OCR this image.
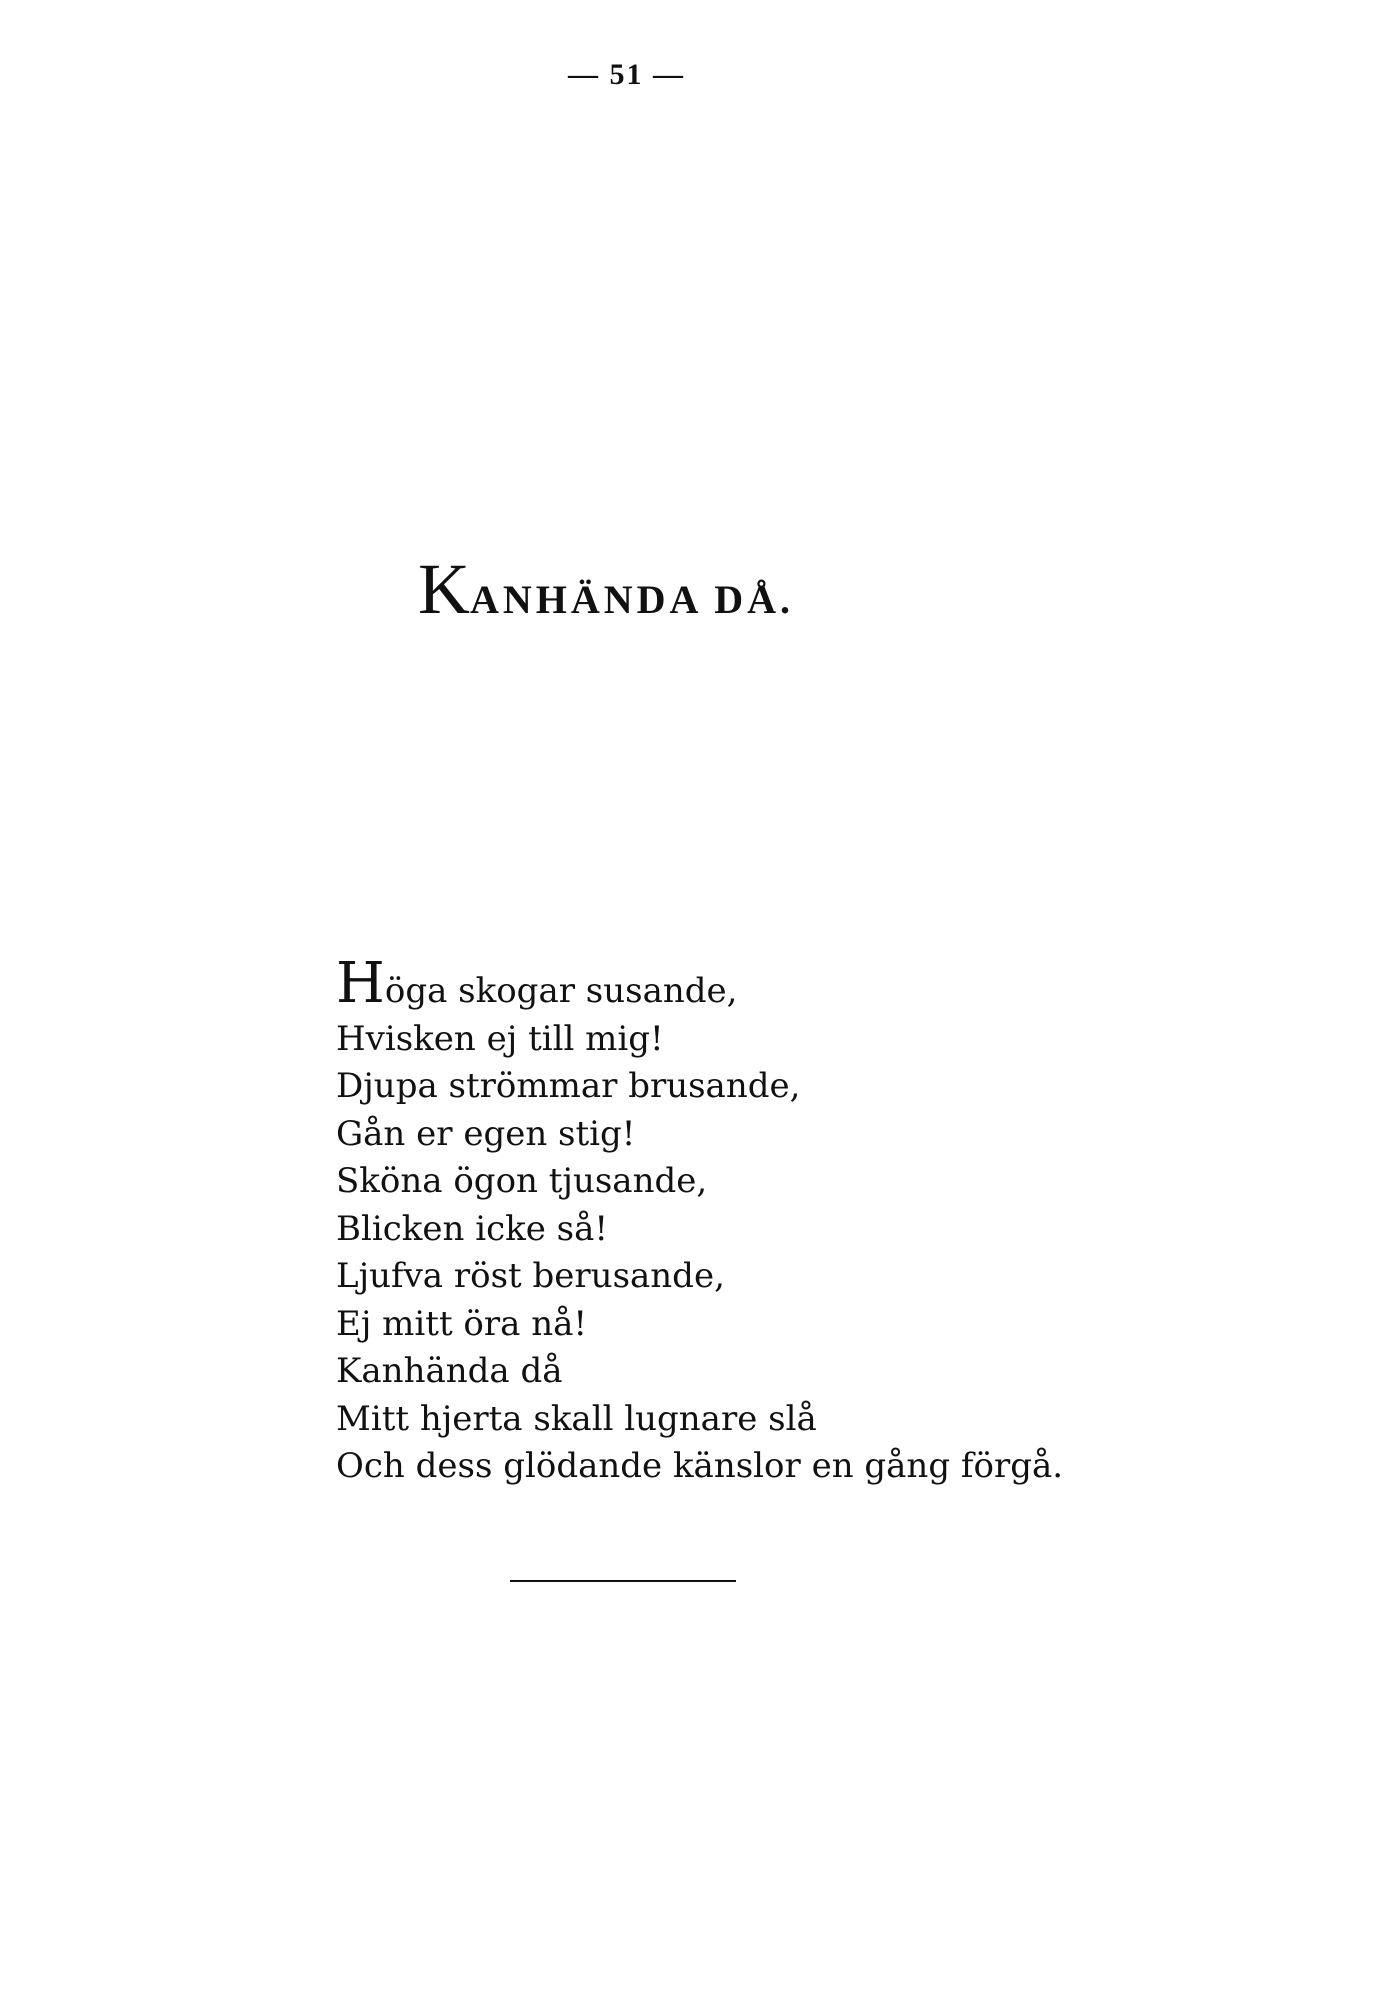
— 51 —
KANHÄNDA DÅ.
Höga skogar susande,
Hvisken ej till mig!
Djupa strömmar brusande,
Gån er egen stig!
Sköna ögon tjusande,
Blicken icke så!
Ljufva röst berusande,
Ej mitt öra nå!
Kanhända då
Mitt hjerta skall lugnare slå
Och dess glödande känslor en gång förgå.
